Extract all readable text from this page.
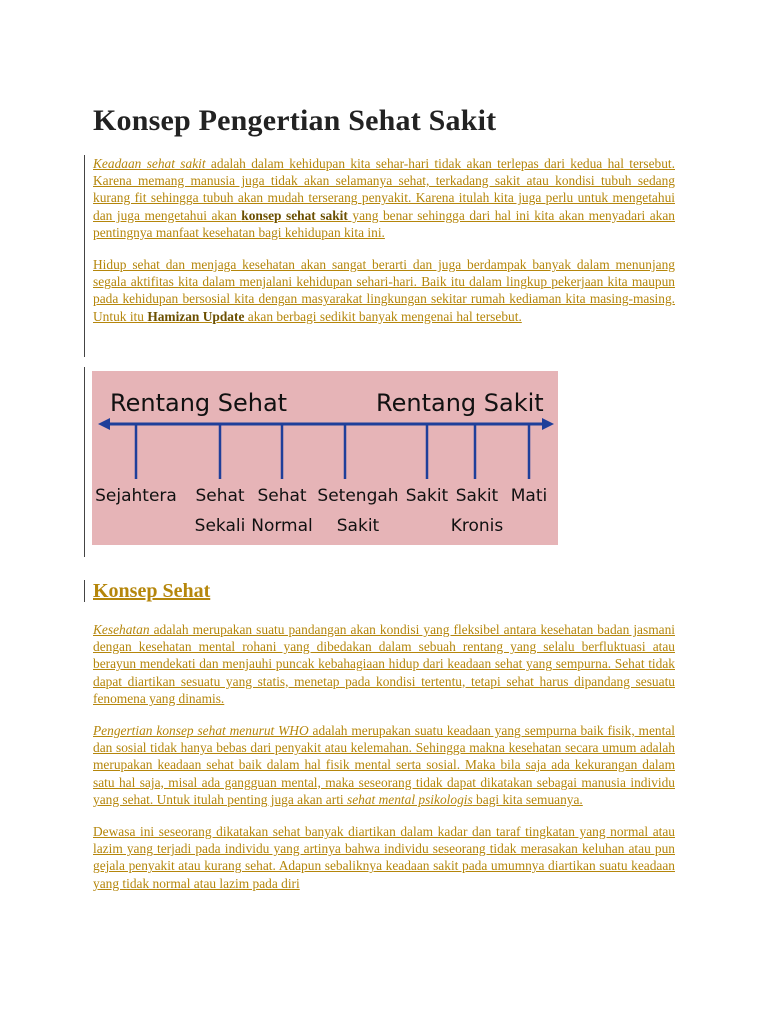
Konsep Pengertian Sehat Sakit

Keadaan sehat sakit adalah dalam kehidupan kita sehar-hari tidak akan terlepas dari kedua hal tersebut. Karena memang manusia juga tidak akan selamanya sehat, terkadang sakit atau kondisi tubuh sedang kurang fit sehingga tubuh akan mudah terserang penyakit. Karena itulah kita juga perlu untuk mengetahui dan juga mengetahui akan konsep sehat sakit yang benar sehingga dari hal ini kita akan menyadari akan pentingnya manfaat kesehatan bagi kehidupan kita ini.

Hidup sehat dan menjaga kesehatan akan sangat berarti dan juga berdampak banyak dalam menunjang segala aktifitas kita dalam menjalani kehidupan sehari-hari. Baik itu dalam lingkup pekerjaan kita maupun pada kehidupan bersosial kita dengan masyarakat lingkungan sekitar rumah kediaman kita masing-masing. Untuk itu Hamizan Update akan berbagi sedikit banyak mengenai hal tersebut.

Rentang Sehat	Rentang Sakit
Sejahtera Sehat
Sekali
Sehat
Normal
Setengah
Sakit
Sakit Sakit
Kronis
Mati
Konsep Sehat

Kesehatan adalah merupakan suatu pandangan akan kondisi yang fleksibel antara kesehatan badan jasmani dengan kesehatan mental rohani yang dibedakan dalam sebuah rentang yang selalu berfluktuasi atau berayun mendekati dan menjauhi puncak kebahagiaan hidup dari keadaan sehat yang sempurna. Sehat tidak dapat diartikan sesuatu yang statis, menetap pada kondisi tertentu, tetapi sehat harus dipandang sesuatu fenomena yang dinamis.

Pengertian konsep sehat menurut WHO adalah merupakan suatu keadaan yang sempurna baik fisik, mental dan sosial tidak hanya bebas dari penyakit atau kelemahan. Sehingga makna kesehatan secara umum adalah merupakan keadaan sehat baik dalam hal fisik mental serta sosial. Maka bila saja ada kekurangan dalam satu hal saja, misal ada gangguan mental, maka seseorang tidak dapat dikatakan sebagai manusia individu yang sehat. Untuk itulah penting juga akan arti sehat mental psikologis bagi kita semuanya.

Dewasa ini seseorang dikatakan sehat banyak diartikan dalam kadar dan taraf tingkatan yang normal atau lazim yang terjadi pada individu yang artinya bahwa individu seseorang tidak merasakan keluhan atau pun gejala penyakit atau kurang sehat. Adapun sebaliknya keadaan sakit pada umumnya diartikan suatu keadaan yang tidak normal atau lazim pada diri
